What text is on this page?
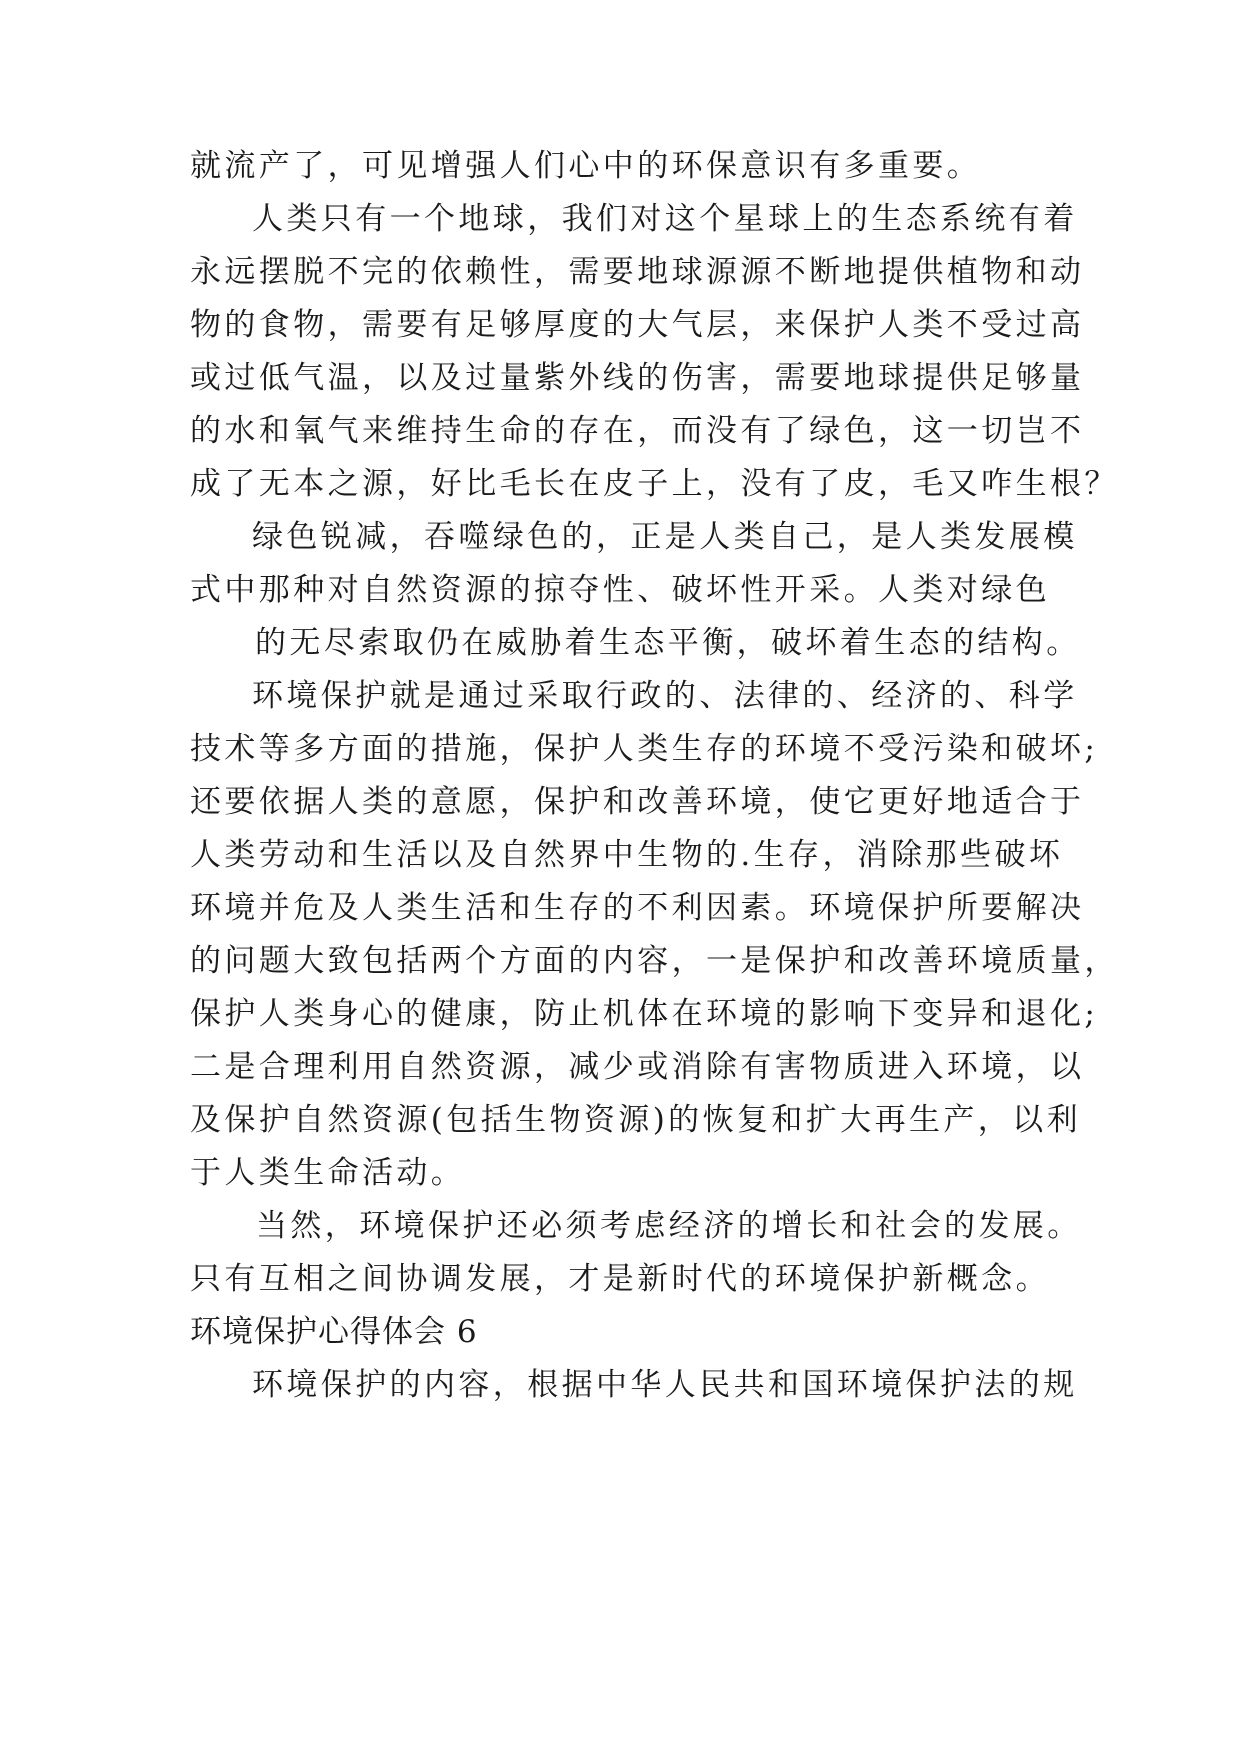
就流产了，可见增强人们心中的环保意识有多重要。
人类只有一个地球，我们对这个星球上的生态系统有着
永远摆脱不完的依赖性，需要地球源源不断地提供植物和动
物的食物，需要有足够厚度的大气层，来保护人类不受过高
或过低气温，以及过量紫外线的伤害，需要地球提供足够量
的水和氧气来维持生命的存在，而没有了绿色，这一切岂不
成了无本之源，好比毛长在皮子上，没有了皮，毛又咋生根？
绿色锐减，吞噬绿色的，正是人类自己，是人类发展模
式中那种对自然资源的掠夺性、破坏性开采。人类对绿色
的无尽索取仍在威胁着生态平衡，破坏着生态的结构。
环境保护就是通过采取行政的、法律的、经济的、科学
技术等多方面的措施，保护人类生存的环境不受污染和破坏;
还要依据人类的意愿，保护和改善环境，使它更好地适合于
人类劳动和生活以及自然界中生物的.生存，消除那些破坏
环境并危及人类生活和生存的不利因素。环境保护所要解决
的问题大致包括两个方面的内容，一是保护和改善环境质量，
保护人类身心的健康，防止机体在环境的影响下变异和退化;
二是合理利用自然资源，减少或消除有害物质进入环境，以
及保护自然资源(包括生物资源)的恢复和扩大再生产，以利
于人类生命活动。
当然，环境保护还必须考虑经济的增长和社会的发展。
只有互相之间协调发展，才是新时代的环境保护新概念。
环境保护心得体会 6
环境保护的内容，根据中华人民共和国环境保护法的规
